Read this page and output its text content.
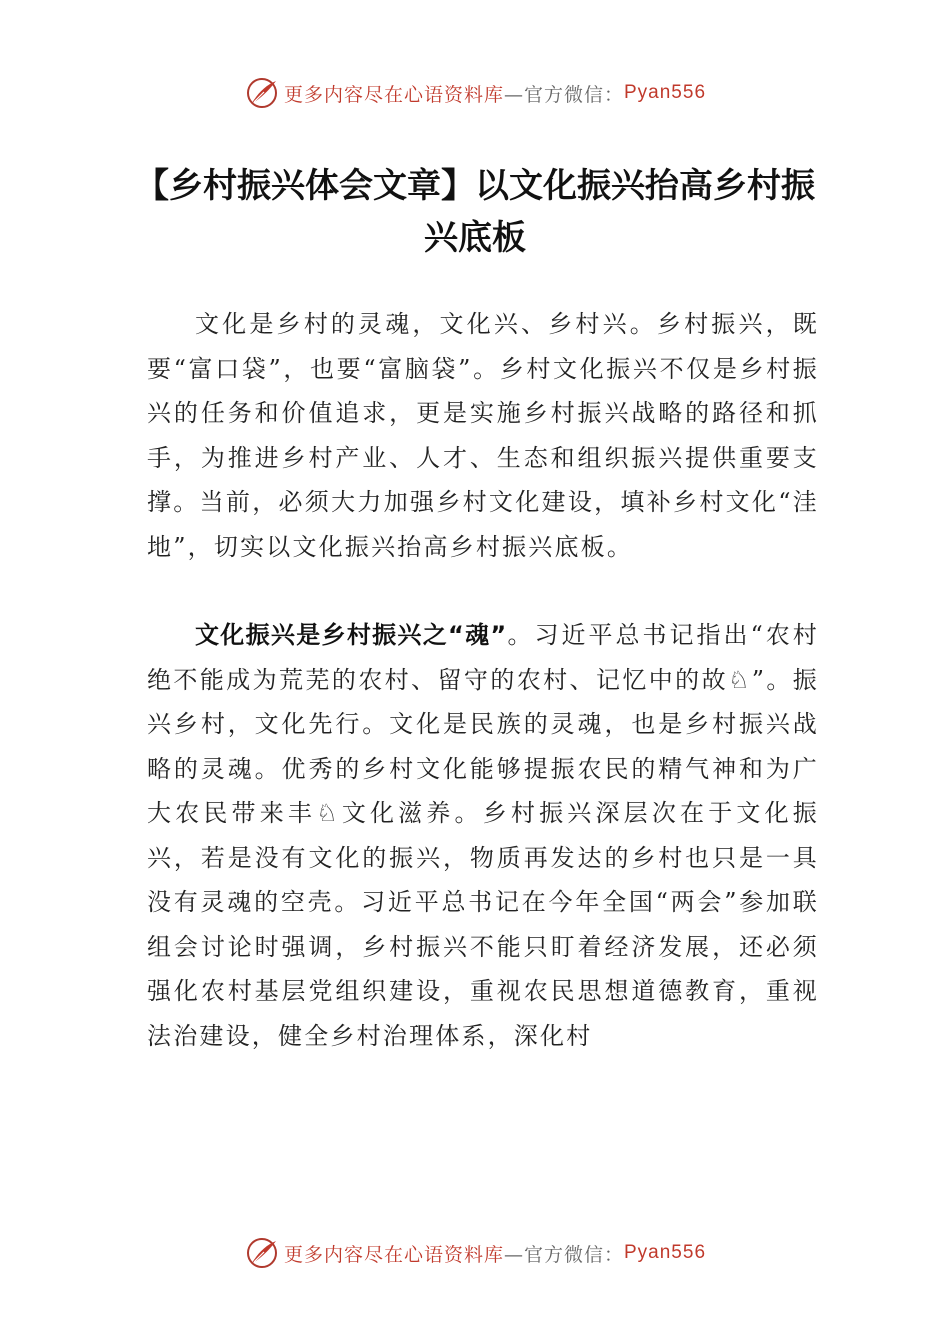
更多内容尽在心语资料库 —官方微信： Pyan556
【乡村振兴体会文章】以文化振兴抬高乡村振兴底板

文化是乡村的灵魂，文化兴、乡村兴。乡村振兴，既要“富口袋”，也要“富脑袋”。乡村文化振兴不仅是乡村振兴的任务和价值追求，更是实施乡村振兴战略的路径和抓手，为推进乡村产业、人才、生态和组织振兴提供重要支撑。当前，必须大力加强乡村文化建设，填补乡村文化“洼地”，切实以文化振兴抬高乡村振兴底板。

文化振兴是乡村振兴之“魂”。习近平总书记指出“农村绝不能成为荒芜的农村、留守的农村、记忆中的故♘”。振兴乡村，文化先行。文化是民族的灵魂，也是乡村振兴战略的灵魂。优秀的乡村文化能够提振农民的精气神和为广大农民带来丰♘文化滋养。乡村振兴深层次在于文化振兴，若是没有文化的振兴，物质再发达的乡村也只是一具没有灵魂的空壳。习近平总书记在今年全国“两会”参加联组会讨论时强调，乡村振兴不能只盯着经济发展，还必须强化农村基层党组织建设，重视农民思想道德教育，重视法治建设，健全乡村治理体系，深化村

更多内容尽在心语资料库 —官方微信： Pyan556
